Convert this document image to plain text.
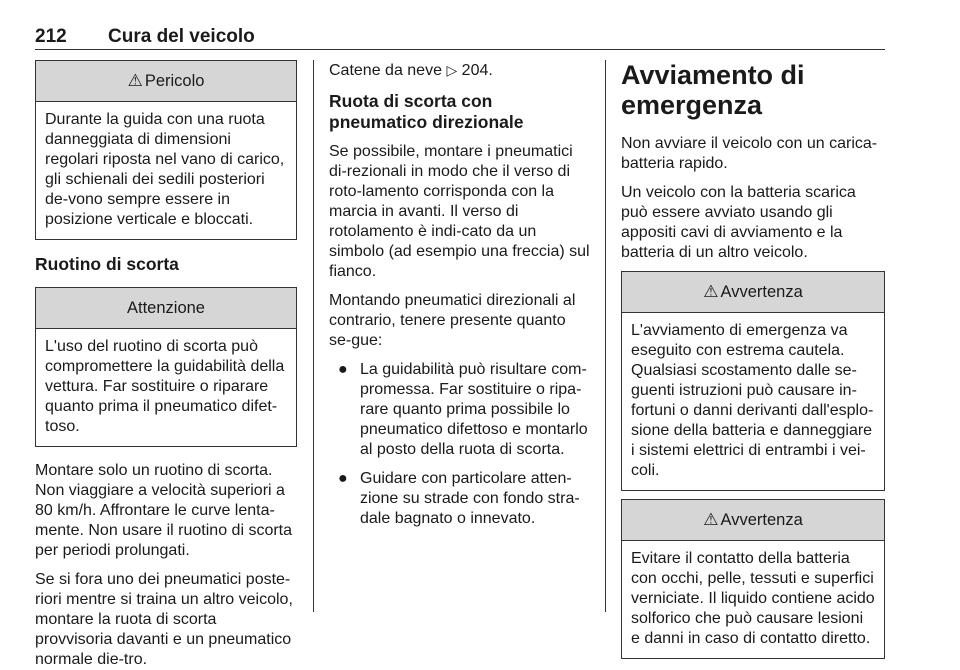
212 Cura del veicolo
⚠ Pericolo
Durante la guida con una ruota danneggiata di dimensioni regolari riposta nel vano di carico, gli schienali dei sedili posteriori de-vono sempre essere in posizione verticale e bloccati.

Ruotino di scorta

Attenzione
L'uso del ruotino di scorta può compromettere la guidabilità della vettura. Far sostituire o riparare quanto prima il pneumatico difet-toso.

Montare solo un ruotino di scorta. Non viaggiare a velocità superiori a 80 km/h. Affrontare le curve lenta-mente. Non usare il ruotino di scorta per periodi prolungati.

Se si fora uno dei pneumatici poste-riori mentre si traina un altro veicolo, montare la ruota di scorta provvisoria davanti e un pneumatico normale die-tro.

Catene da neve ▷ 204.

Ruota di scorta con pneumatico direzionale

Se possibile, montare i pneumatici di-rezionali in modo che il verso di roto-lamento corrisponda con la marcia in avanti. Il verso di rotolamento è indi-cato da un simbolo (ad esempio una freccia) sul fianco.

Montando pneumatici direzionali al contrario, tenere presente quanto se-gue:

● La guidabilità può risultare com-promessa. Far sostituire o ripa-rare quanto prima possibile lo pneumatico difettoso e montarlo al posto della ruota di scorta.
● Guidare con particolare atten-zione su strade con fondo stra-dale bagnato o innevato.

Avviamento di emergenza

Non avviare il veicolo con un carica-batteria rapido.

Un veicolo con la batteria scarica può essere avviato usando gli appositi cavi di avviamento e la batteria di un altro veicolo.

⚠ Avvertenza
L'avviamento di emergenza va eseguito con estrema cautela. Qualsiasi scostamento dalle se-guenti istruzioni può causare in-fortuni o danni derivanti dall'esplo-sione della batteria e danneggiare i sistemi elettrici di entrambi i vei-coli.
⚠ Avvertenza
Evitare il contatto della batteria con occhi, pelle, tessuti e superfici verniciate. Il liquido contiene acido solforico che può causare lesioni e danni in caso di contatto diretto.
